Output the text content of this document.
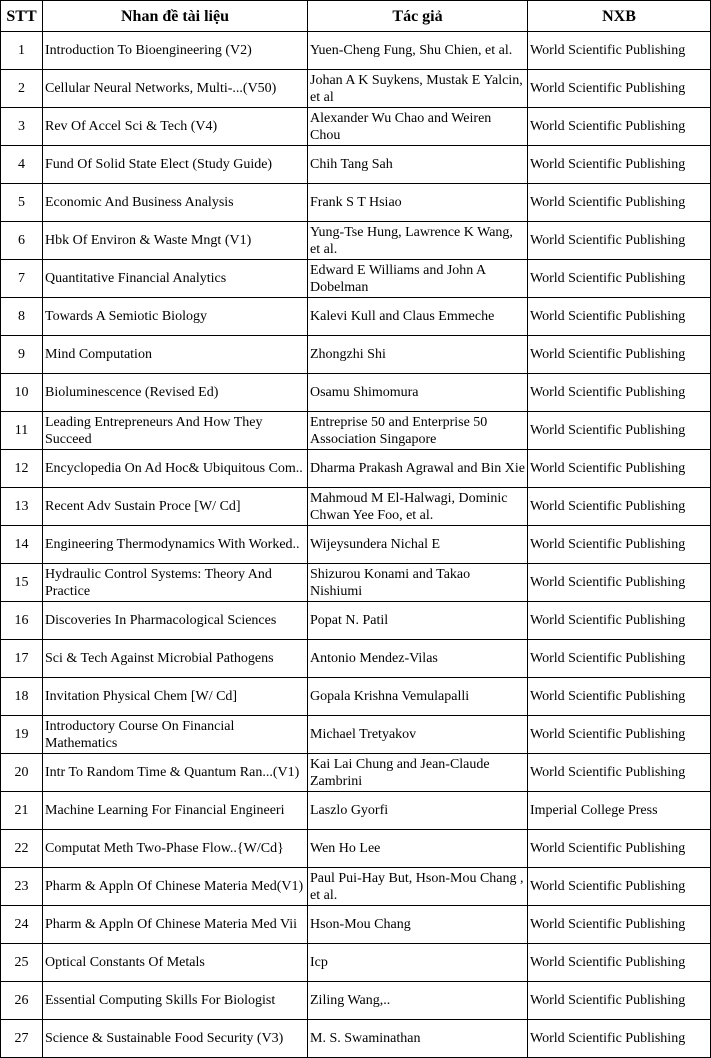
STT	Nhan đề tài liệu	Tác giả	NXB
1	Introduction To Bioengineering (V2)	Yuen-Cheng Fung, Shu Chien, et al.	World Scientific Publishing
2	Cellular Neural Networks, Multi-...(V50)	Johan A K Suykens, Mustak E Yalcin, et al	World Scientific Publishing
3	Rev Of Accel Sci & Tech (V4)	Alexander Wu Chao and Weiren Chou	World Scientific Publishing
4	Fund Of Solid State Elect (Study Guide)	Chih Tang Sah	World Scientific Publishing
5	Economic And Business Analysis	Frank S T Hsiao	World Scientific Publishing
6	Hbk Of Environ & Waste Mngt (V1)	Yung-Tse Hung, Lawrence K Wang, et al.	World Scientific Publishing
7	Quantitative Financial Analytics	Edward E Williams and John A Dobelman	World Scientific Publishing
8	Towards A Semiotic Biology	Kalevi Kull and Claus Emmeche	World Scientific Publishing
9	Mind Computation	Zhongzhi Shi	World Scientific Publishing
10	Bioluminescence (Revised Ed)	Osamu Shimomura	World Scientific Publishing
11	Leading Entrepreneurs And How They Succeed	Entreprise 50 and Enterprise 50 Association Singapore	World Scientific Publishing
12	Encyclopedia On Ad Hoc& Ubiquitous Com..	Dharma Prakash Agrawal and Bin Xie	World Scientific Publishing
13	Recent Adv Sustain Proce [W/ Cd]	Mahmoud M El-Halwagi, Dominic Chwan Yee Foo, et al.	World Scientific Publishing
14	Engineering Thermodynamics With Worked..	Wijeysundera Nichal E	World Scientific Publishing
15	Hydraulic Control Systems: Theory And Practice	Shizurou Konami and Takao Nishiumi	World Scientific Publishing
16	Discoveries In Pharmacological Sciences	Popat N. Patil	World Scientific Publishing
17	Sci & Tech Against Microbial Pathogens	Antonio Mendez-Vilas	World Scientific Publishing
18	Invitation Physical Chem [W/ Cd]	Gopala Krishna Vemulapalli	World Scientific Publishing
19	Introductory Course On Financial Mathematics	Michael Tretyakov	World Scientific Publishing
20	Intr To Random Time & Quantum Ran...(V1)	Kai Lai Chung and Jean-Claude Zambrini	World Scientific Publishing
21	Machine Learning For Financial Engineeri	Laszlo Gyorfi	Imperial College Press
22	Computat Meth Two-Phase Flow..{W/Cd}	Wen Ho Lee	World Scientific Publishing
23	Pharm & Appln Of Chinese Materia Med(V1)	Paul Pui-Hay But, Hson-Mou Chang , et al.	World Scientific Publishing
24	Pharm & Appln Of Chinese Materia Med Vii	Hson-Mou Chang	World Scientific Publishing
25	Optical Constants Of Metals	Icp	World Scientific Publishing
26	Essential Computing Skills For Biologist	Ziling Wang,..	World Scientific Publishing
27	Science & Sustainable Food Security (V3)	M. S. Swaminathan	World Scientific Publishing
